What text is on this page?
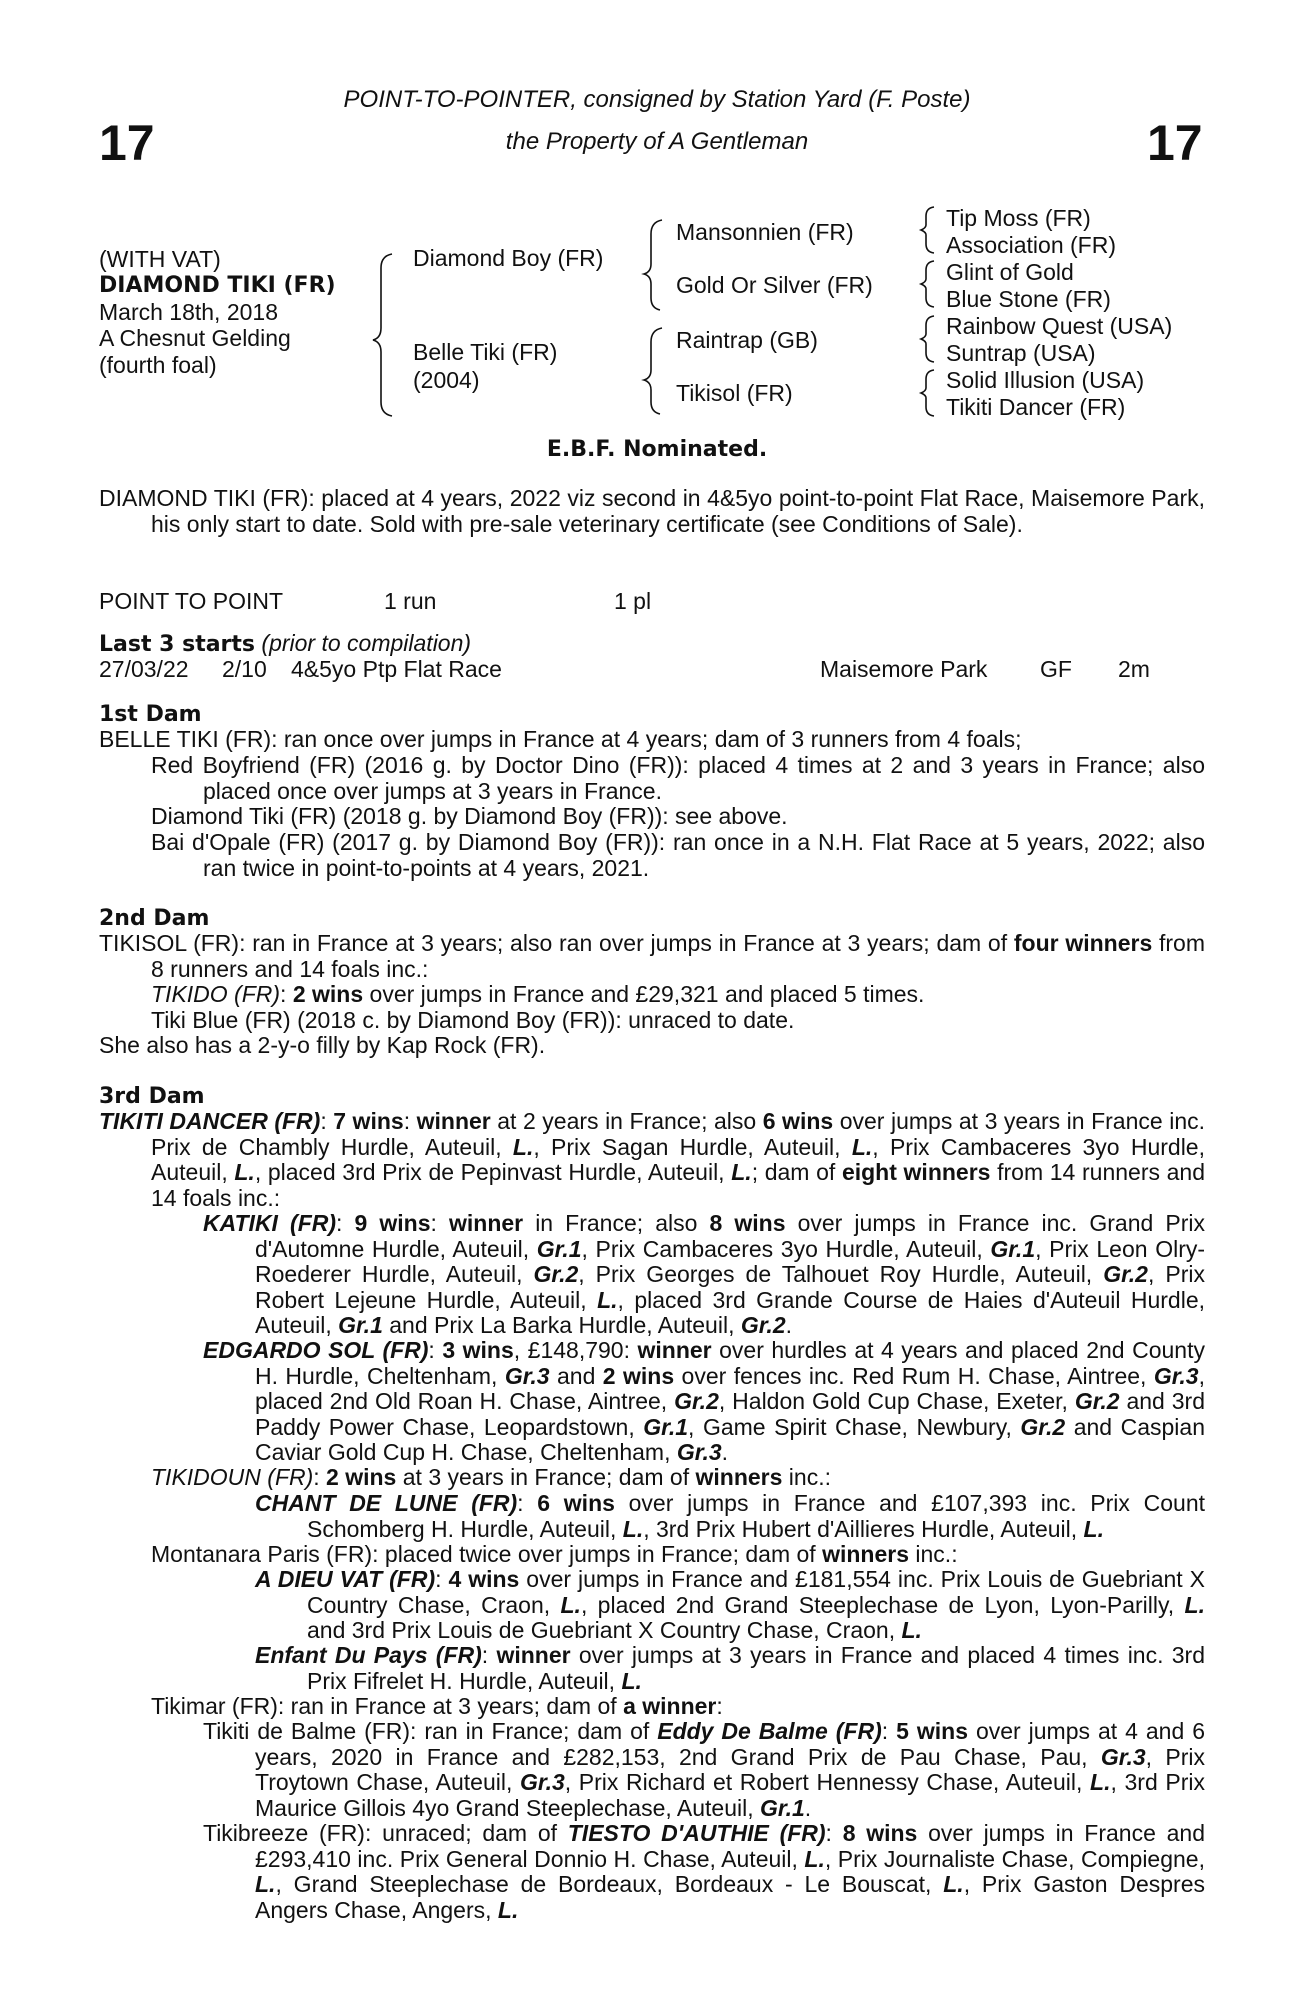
17	17
POINT-TO-POINTER, consigned by Station Yard (F. Poste)
the Property of A Gentleman
(WITH VAT)
DIAMOND TIKI (FR)
March 18th, 2018
A Chesnut Gelding
(fourth foal)
Diamond Boy (FR)
Belle Tiki (FR)
(2004)
Mansonnien (FR)
Gold Or Silver (FR)
Raintrap (GB)
Tikisol (FR)
Tip Moss (FR)
Association (FR)
Glint of Gold
Blue Stone (FR)
Rainbow Quest (USA)
Suntrap (USA)
Solid Illusion (USA)
Tikiti Dancer (FR)
E.B.F. Nominated.
DIAMOND TIKI (FR): placed at 4 years, 2022 viz second in 4&5yo point-to-point Flat Race, Maisemore Park, his only start to date. Sold with pre-sale veterinary certificate (see Conditions of Sale).
POINT TO POINT	1 run	1 pl
Last 3 starts (prior to compilation)
27/03/22 2/10 4&5yo Ptp Flat Race	Maisemore Park GF 2m
1st Dam
BELLE TIKI (FR): ran once over jumps in France at 4 years; dam of 3 runners from 4 foals;
Red Boyfriend (FR) (2016 g. by Doctor Dino (FR)): placed 4 times at 2 and 3 years in France; also placed once over jumps at 3 years in France.
Diamond Tiki (FR) (2018 g. by Diamond Boy (FR)): see above.
Bai d'Opale (FR) (2017 g. by Diamond Boy (FR)): ran once in a N.H. Flat Race at 5 years, 2022; also ran twice in point-to-points at 4 years, 2021.
2nd Dam
TIKISOL (FR): ran in France at 3 years; also ran over jumps in France at 3 years; dam of four winners from 8 runners and 14 foals inc.:
TIKIDO (FR): 2 wins over jumps in France and £29,321 and placed 5 times.
Tiki Blue (FR) (2018 c. by Diamond Boy (FR)): unraced to date.
She also has a 2-y-o filly by Kap Rock (FR).
3rd Dam
TIKITI DANCER (FR): 7 wins: winner at 2 years in France; also 6 wins over jumps at 3 years in France inc. Prix de Chambly Hurdle, Auteuil, L., Prix Sagan Hurdle, Auteuil, L., Prix Cambaceres 3yo Hurdle, Auteuil, L., placed 3rd Prix de Pepinvast Hurdle, Auteuil, L.; dam of eight winners from 14 runners and 14 foals inc.:
KATIKI (FR): 9 wins: winner in France; also 8 wins over jumps in France inc. Grand Prix d'Automne Hurdle, Auteuil, Gr.1, Prix Cambaceres 3yo Hurdle, Auteuil, Gr.1, Prix Leon Olry-Roederer Hurdle, Auteuil, Gr.2, Prix Georges de Talhouet Roy Hurdle, Auteuil, Gr.2, Prix Robert Lejeune Hurdle, Auteuil, L., placed 3rd Grande Course de Haies d'Auteuil Hurdle, Auteuil, Gr.1 and Prix La Barka Hurdle, Auteuil, Gr.2.
EDGARDO SOL (FR): 3 wins, £148,790: winner over hurdles at 4 years and placed 2nd County H. Hurdle, Cheltenham, Gr.3 and 2 wins over fences inc. Red Rum H. Chase, Aintree, Gr.3, placed 2nd Old Roan H. Chase, Aintree, Gr.2, Haldon Gold Cup Chase, Exeter, Gr.2 and 3rd Paddy Power Chase, Leopardstown, Gr.1, Game Spirit Chase, Newbury, Gr.2 and Caspian Caviar Gold Cup H. Chase, Cheltenham, Gr.3.
TIKIDOUN (FR): 2 wins at 3 years in France; dam of winners inc.:
CHANT DE LUNE (FR): 6 wins over jumps in France and £107,393 inc. Prix Count Schomberg H. Hurdle, Auteuil, L., 3rd Prix Hubert d'Aillieres Hurdle, Auteuil, L.
Montanara Paris (FR): placed twice over jumps in France; dam of winners inc.:
A DIEU VAT (FR): 4 wins over jumps in France and £181,554 inc. Prix Louis de Guebriant X Country Chase, Craon, L., placed 2nd Grand Steeplechase de Lyon, Lyon-Parilly, L. and 3rd Prix Louis de Guebriant X Country Chase, Craon, L.
Enfant Du Pays (FR): winner over jumps at 3 years in France and placed 4 times inc. 3rd Prix Fifrelet H. Hurdle, Auteuil, L.
Tikimar (FR): ran in France at 3 years; dam of a winner:
Tikiti de Balme (FR): ran in France; dam of Eddy De Balme (FR): 5 wins over jumps at 4 and 6 years, 2020 in France and £282,153, 2nd Grand Prix de Pau Chase, Pau, Gr.3, Prix Troytown Chase, Auteuil, Gr.3, Prix Richard et Robert Hennessy Chase, Auteuil, L., 3rd Prix Maurice Gillois 4yo Grand Steeplechase, Auteuil, Gr.1.
Tikibreeze (FR): unraced; dam of TIESTO D'AUTHIE (FR): 8 wins over jumps in France and £293,410 inc. Prix General Donnio H. Chase, Auteuil, L., Prix Journaliste Chase, Compiegne, L., Grand Steeplechase de Bordeaux, Bordeaux - Le Bouscat, L., Prix Gaston Despres Angers Chase, Angers, L.
